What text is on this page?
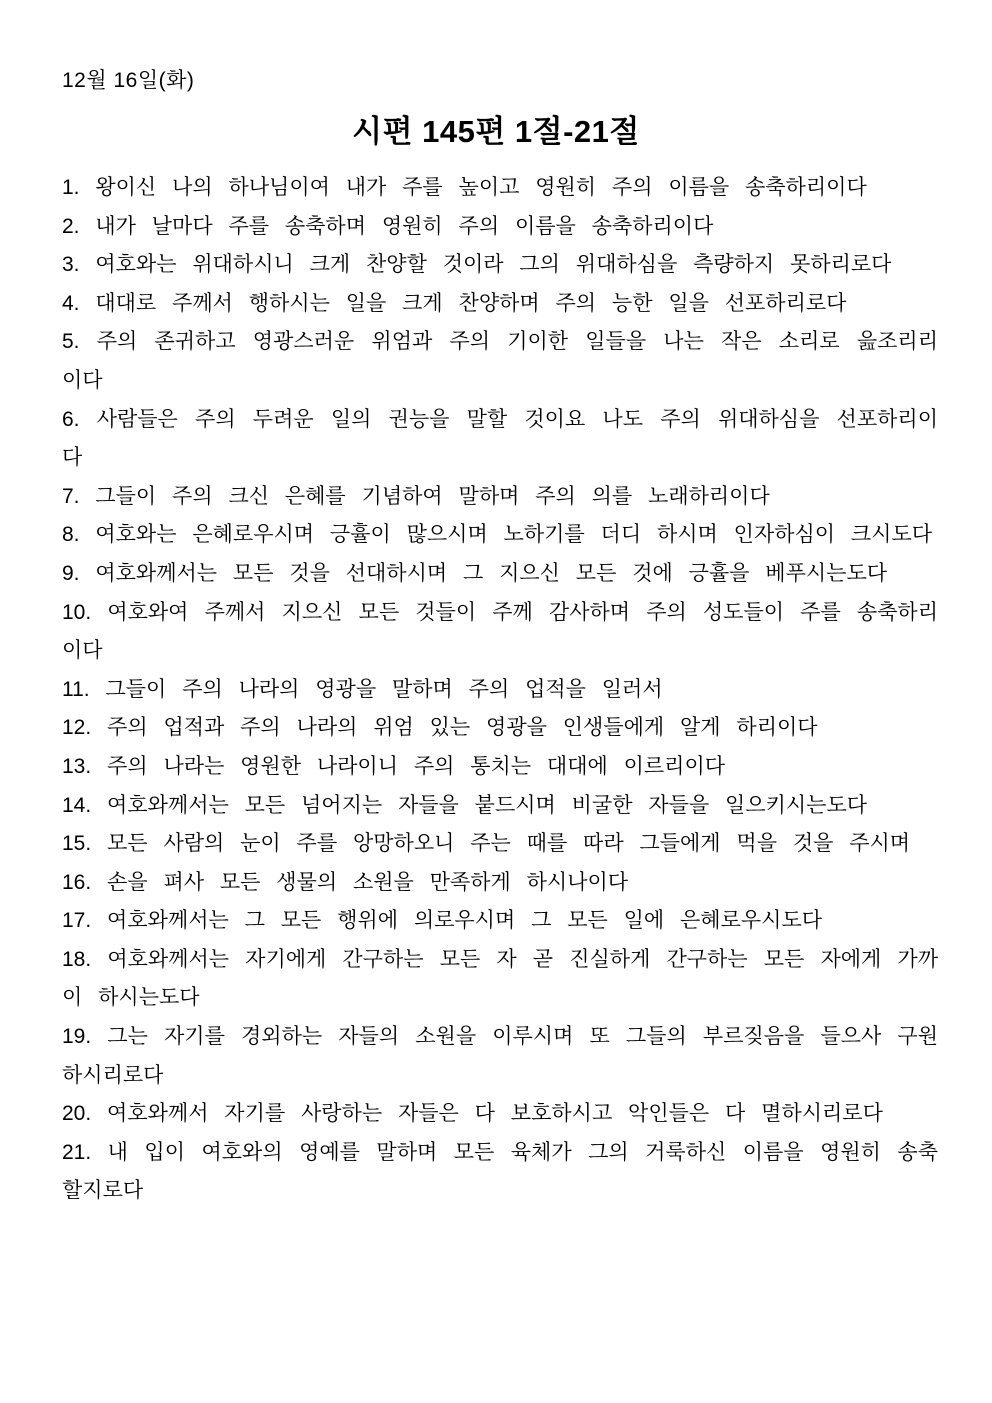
12월 16일(화)
시편 145편 1절-21절

1. 왕이신 나의 하나님이여 내가 주를 높이고 영원히 주의 이름을 송축하리이다

2. 내가 날마다 주를 송축하며 영원히 주의 이름을 송축하리이다

3. 여호와는 위대하시니 크게 찬양할 것이라 그의 위대하심을 측량하지 못하리로다

4. 대대로 주께서 행하시는 일을 크게 찬양하며 주의 능한 일을 선포하리로다

5. 주의 존귀하고 영광스러운 위엄과 주의 기이한 일들을 나는 작은 소리로 읊조리리이다

6. 사람들은 주의 두려운 일의 권능을 말할 것이요 나도 주의 위대하심을 선포하리이다

7. 그들이 주의 크신 은혜를 기념하여 말하며 주의 의를 노래하리이다

8. 여호와는 은혜로우시며 긍휼이 많으시며 노하기를 더디 하시며 인자하심이 크시도다

9. 여호와께서는 모든 것을 선대하시며 그 지으신 모든 것에 긍휼을 베푸시는도다

10. 여호와여 주께서 지으신 모든 것들이 주께 감사하며 주의 성도들이 주를 송축하리이다

11. 그들이 주의 나라의 영광을 말하며 주의 업적을 일러서

12. 주의 업적과 주의 나라의 위엄 있는 영광을 인생들에게 알게 하리이다

13. 주의 나라는 영원한 나라이니 주의 통치는 대대에 이르리이다

14. 여호와께서는 모든 넘어지는 자들을 붙드시며 비굴한 자들을 일으키시는도다

15. 모든 사람의 눈이 주를 앙망하오니 주는 때를 따라 그들에게 먹을 것을 주시며

16. 손을 펴사 모든 생물의 소원을 만족하게 하시나이다

17. 여호와께서는 그 모든 행위에 의로우시며 그 모든 일에 은혜로우시도다

18. 여호와께서는 자기에게 간구하는 모든 자 곧 진실하게 간구하는 모든 자에게 가까이 하시는도다

19. 그는 자기를 경외하는 자들의 소원을 이루시며 또 그들의 부르짖음을 들으사 구원하시리로다

20. 여호와께서 자기를 사랑하는 자들은 다 보호하시고 악인들은 다 멸하시리로다

21. 내 입이 여호와의 영예를 말하며 모든 육체가 그의 거룩하신 이름을 영원히 송축할지로다
